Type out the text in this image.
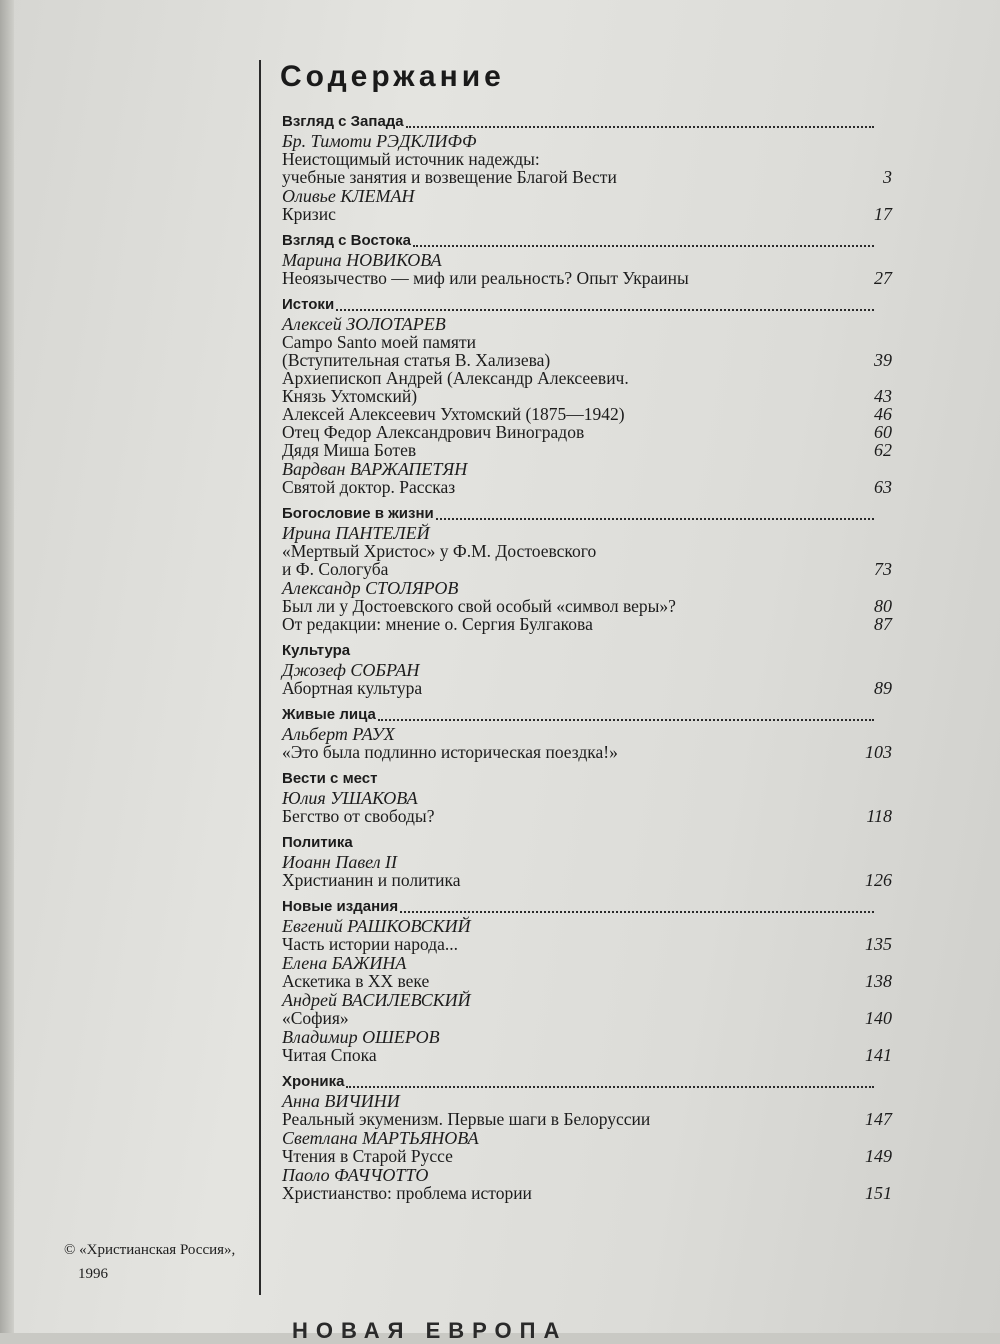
Содержание
Взгляд с Запада
Бр. Тимоти РЭДКЛИФФ
Неистощимый источник надежды:
учебные занятия и возвещение Благой Вести	3
Оливье КЛЕМАН
Кризис	17
Взгляд с Востока
Марина НОВИКОВА
Неоязычество — миф или реальность? Опыт Украины	27
Истоки
Алексей ЗОЛОТАРЕВ
Campo Santo моей памяти
(Вступительная статья В. Хализева)	39
Архиепископ Андрей (Александр Алексеевич.
Князь Ухтомский)	43
Алексей Алексеевич Ухтомский (1875—1942)	46
Отец Федор Александрович Виноградов	60
Дядя Миша Ботев	62
Вардван ВАРЖАПЕТЯН
Святой доктор. Рассказ	63
Богословие в жизни
Ирина ПАНТЕЛЕЙ
«Мертвый Христос» у Ф.М. Достоевского
и Ф. Сологуба	73
Александр СТОЛЯРОВ
Был ли у Достоевского свой особый «символ веры»?	80
От редакции: мнение о. Сергия Булгакова	87
Культура
Джозеф СОБРАН
Абортная культура	89
Живые лица
Альберт РАУХ
«Это была подлинно историческая поездка!»	103
Вести с мест
Юлия УШАКОВА
Бегство от свободы?	118
Политика
Иоанн Павел II
Христианин и политика	126
Новые издания
Евгений РАШКОВСКИЙ
Часть истории народа...	135
Елена БАЖИНА
Аскетика в XX веке	138
Андрей ВАСИЛЕВСКИЙ
«София»	140
Владимир ОШЕРОВ
Читая Спока	141
Хроника
Анна ВИЧИНИ
Реальный экуменизм. Первые шаги в Белоруссии	147
Светлана МАРТЬЯНОВА
Чтения в Старой Руссе	149
Паоло ФАЧЧОТТО
Христианство: проблема истории	151
© «Христианская Россия»,
1996
НОВАЯ ЕВРОПА
